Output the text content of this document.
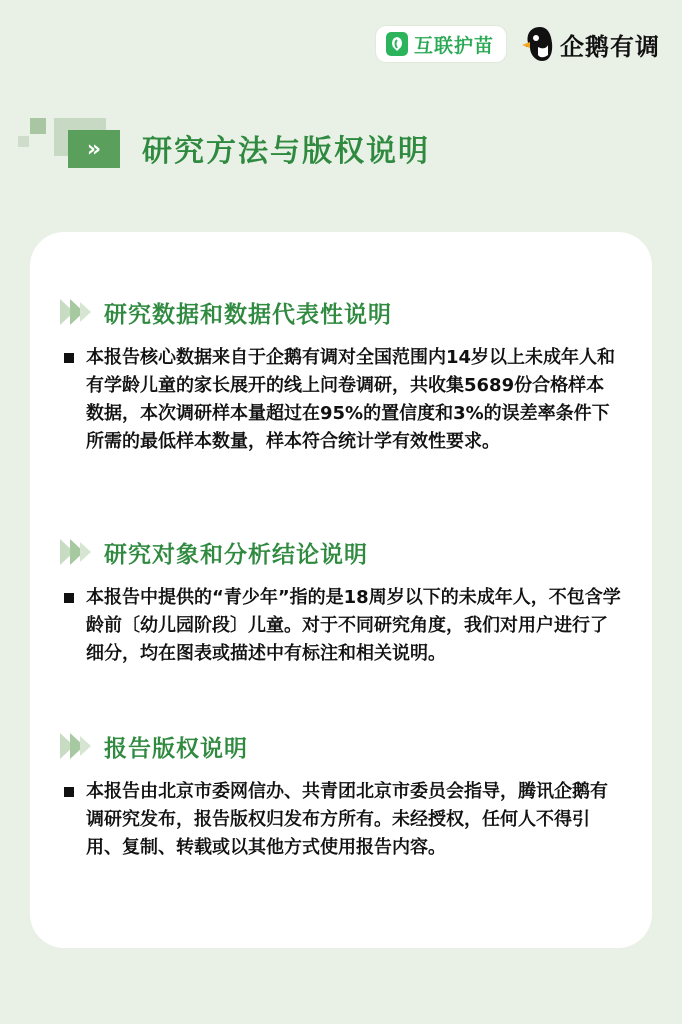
互联护苗	企鹅有调
»	研究方法与版权说明
研究数据和数据代表性说明

本报告核心数据来自于企鹅有调对全国范围内14岁以上未成年人和有学龄儿童的家长展开的线上问卷调研，共收集5689份合格样本数据，本次调研样本量超过在95%的置信度和3%的误差率条件下所需的最低样本数量，样本符合统计学有效性要求。

研究对象和分析结论说明

本报告中提供的“青少年”指的是18周岁以下的未成年人，不包含学龄前〔幼儿园阶段〕儿童。对于不同研究角度，我们对用户进行了细分，均在图表或描述中有标注和相关说明。

报告版权说明

本报告由北京市委网信办、共青团北京市委员会指导，腾讯企鹅有调研究发布，报告版权归发布方所有。未经授权，任何人不得引用、复制、转载或以其他方式使用报告内容。
